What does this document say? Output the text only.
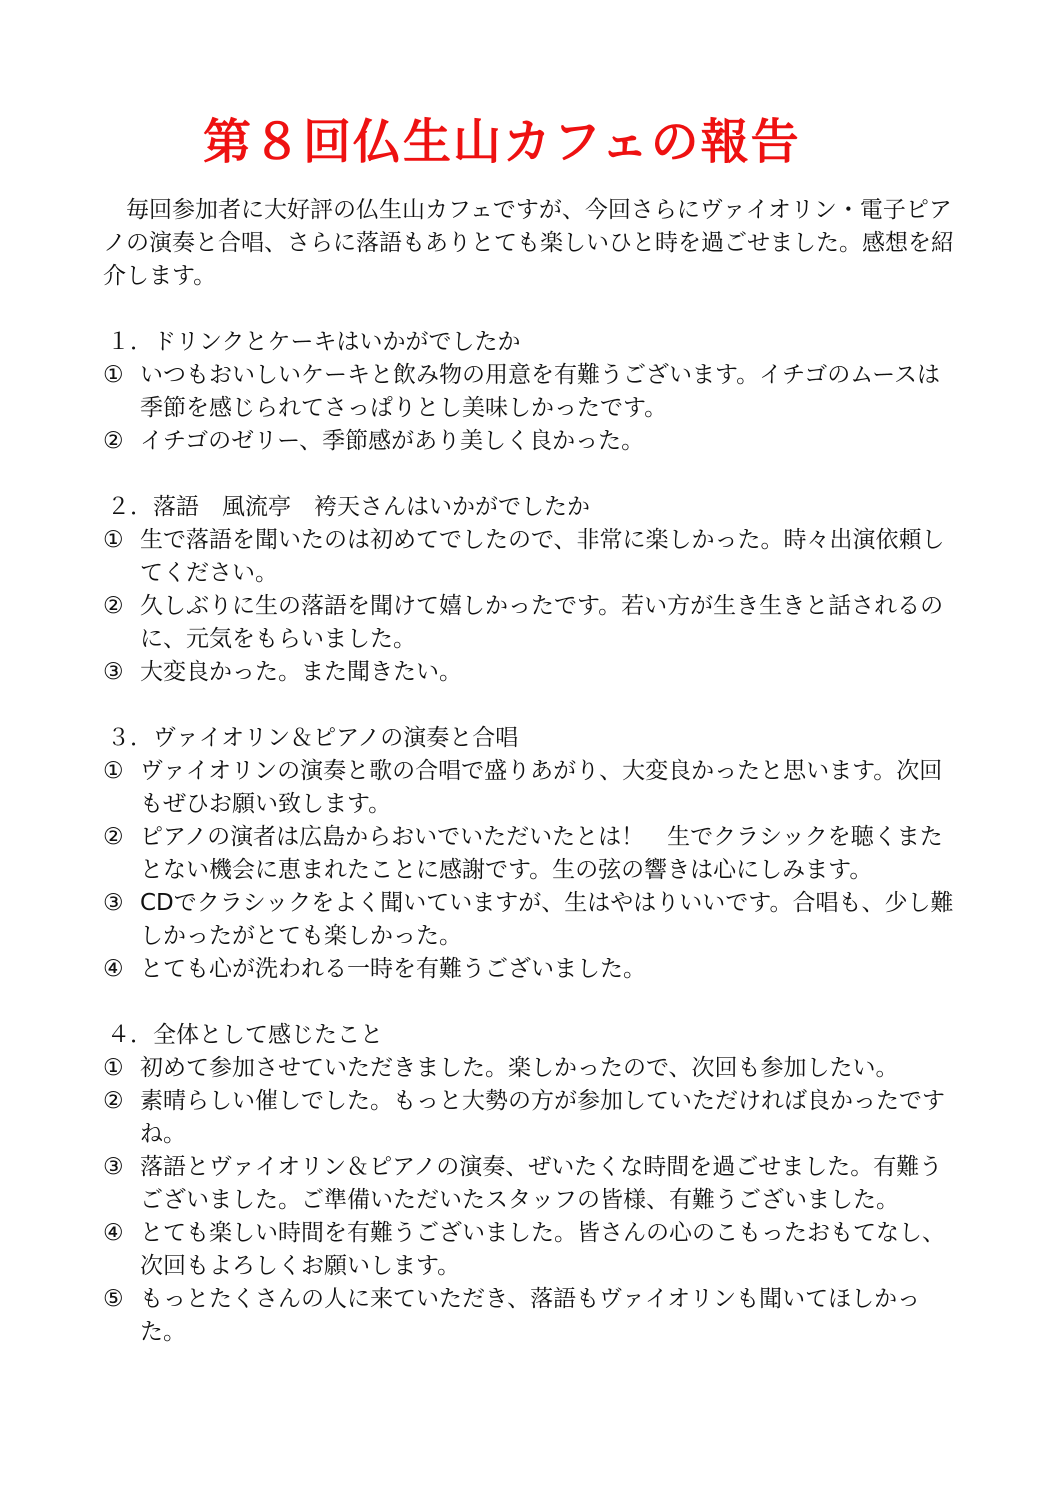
第８回仏生山カフェの報告

毎回参加者に大好評の仏生山カフェですが、今回さらにヴァイオリン・電子ピアノの演奏と合唱、さらに落語もありとても楽しいひと時を過ごせました。感想を紹介します。

１．ドリンクとケーキはいかがでしたか
① いつもおいしいケーキと飲み物の用意を有難うございます。イチゴのムースは季節を感じられてさっぱりとし美味しかったです。
② イチゴのゼリー、季節感があり美しく良かった。
２．落語　風流亭　袴天さんはいかがでしたか
① 生で落語を聞いたのは初めてでしたので、非常に楽しかった。時々出演依頼してください。
② 久しぶりに生の落語を聞けて嬉しかったです。若い方が生き生きと話されるのに、元気をもらいました。
③ 大変良かった。また聞きたい。
３．ヴァイオリン＆ピアノの演奏と合唱
① ヴァイオリンの演奏と歌の合唱で盛りあがり、大変良かったと思います。次回もぜひお願い致します。
② ピアノの演者は広島からおいでいただいたとは！　生でクラシックを聴くまたとない機会に恵まれたことに感謝です。生の弦の響きは心にしみます。
③ CDでクラシックをよく聞いていますが、生はやはりいいです。合唱も、少し難しかったがとても楽しかった。
④ とても心が洗われる一時を有難うございました。
４．全体として感じたこと
① 初めて参加させていただきました。楽しかったので、次回も参加したい。
② 素晴らしい催しでした。もっと大勢の方が参加していただければ良かったですね。
③ 落語とヴァイオリン＆ピアノの演奏、ぜいたくな時間を過ごせました。有難うございました。ご準備いただいたスタッフの皆様、有難うございました。
④ とても楽しい時間を有難うございました。皆さんの心のこもったおもてなし、次回もよろしくお願いします。
⑤ もっとたくさんの人に来ていただき、落語もヴァイオリンも聞いてほしかった。
